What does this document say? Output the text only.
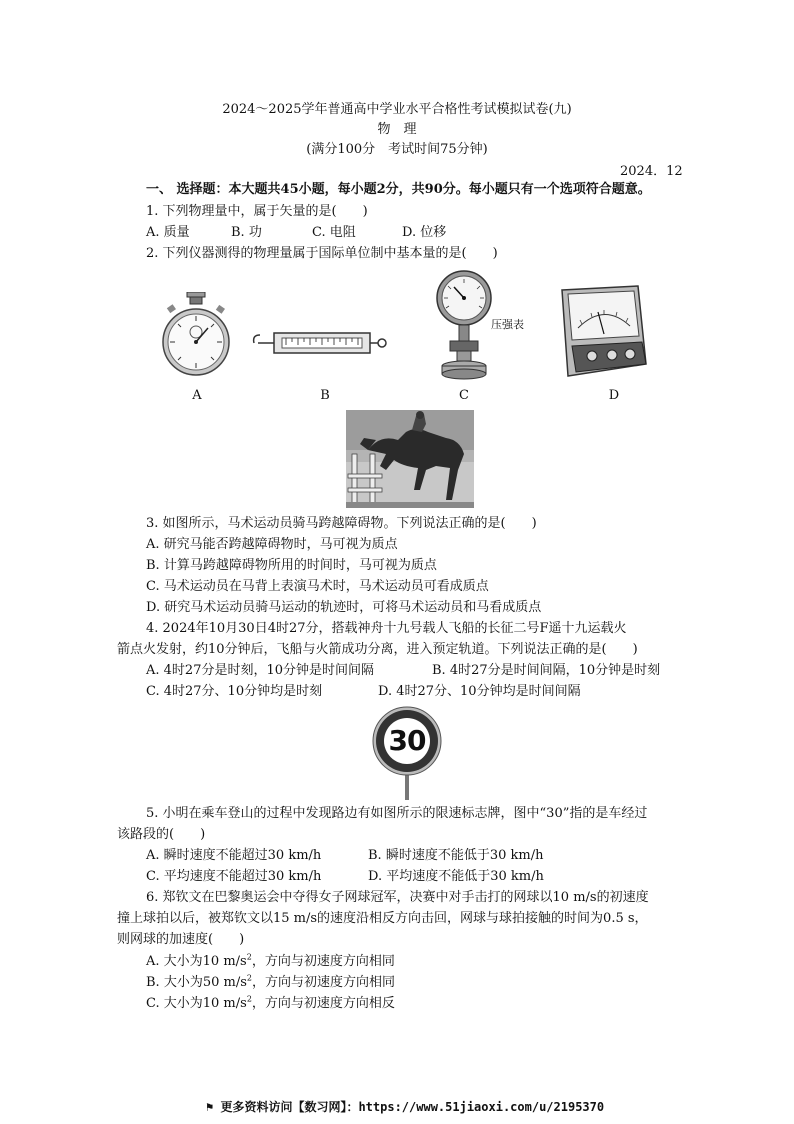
2024～2025学年普通高中学业水平合格性考试模拟试卷(九)
物　理
(满分100分　考试时间75分钟)
2024．12
一、 选择题：本大题共45小题，每小题2分，共90分。每小题只有一个选项符合题意。
1. 下列物理量中，属于矢量的是(　　)
A. 质量	B. 功	C. 电阻	D. 位移
2. 下列仪器测得的物理量属于国际单位制中基本量的是(　　)
A	B
压强表
C	D
3. 如图所示，马术运动员骑马跨越障碍物。下列说法正确的是(　　)
A. 研究马能否跨越障碍物时，马可视为质点
B. 计算马跨越障碍物所用的时间时，马可视为质点
C. 马术运动员在马背上表演马术时，马术运动员可看成质点
D. 研究马术运动员骑马运动的轨迹时，可将马术运动员和马看成质点
4. 2024年10月30日4时27分，搭载神舟十九号载人飞船的长征二号F遥十九运载火
箭点火发射，约10分钟后，飞船与火箭成功分离，进入预定轨道。下列说法正确的是(　　)
A. 4时27分是时刻，10分钟是时间间隔	B. 4时27分是时间间隔，10分钟是时刻
C. 4时27分、10分钟均是时刻	D. 4时27分、10分钟均是时间间隔
30
5. 小明在乘车登山的过程中发现路边有如图所示的限速标志牌，图中“30”指的是车经过
该路段的(　　)
A. 瞬时速度不能超过30 km/h	B. 瞬时速度不能低于30 km/h
C. 平均速度不能超过30 km/h	D. 平均速度不能低于30 km/h
6. 郑钦文在巴黎奥运会中夺得女子网球冠军，决赛中对手击打的网球以10 m/s的初速度
撞上球拍以后，被郑钦文以15 m/s的速度沿相反方向击回，网球与球拍接触的时间为0.5 s，
则网球的加速度(　　)
A. 大小为10 $m/s^2$，方向与初速度方向相同
B. 大小为50 $m/s^2$，方向与初速度方向相同
C. 大小为10 $m/s^2$，方向与初速度方向相反
⚑ 更多资料访问【数习网】：https://www.51jiaoxi.com/u/2195370
